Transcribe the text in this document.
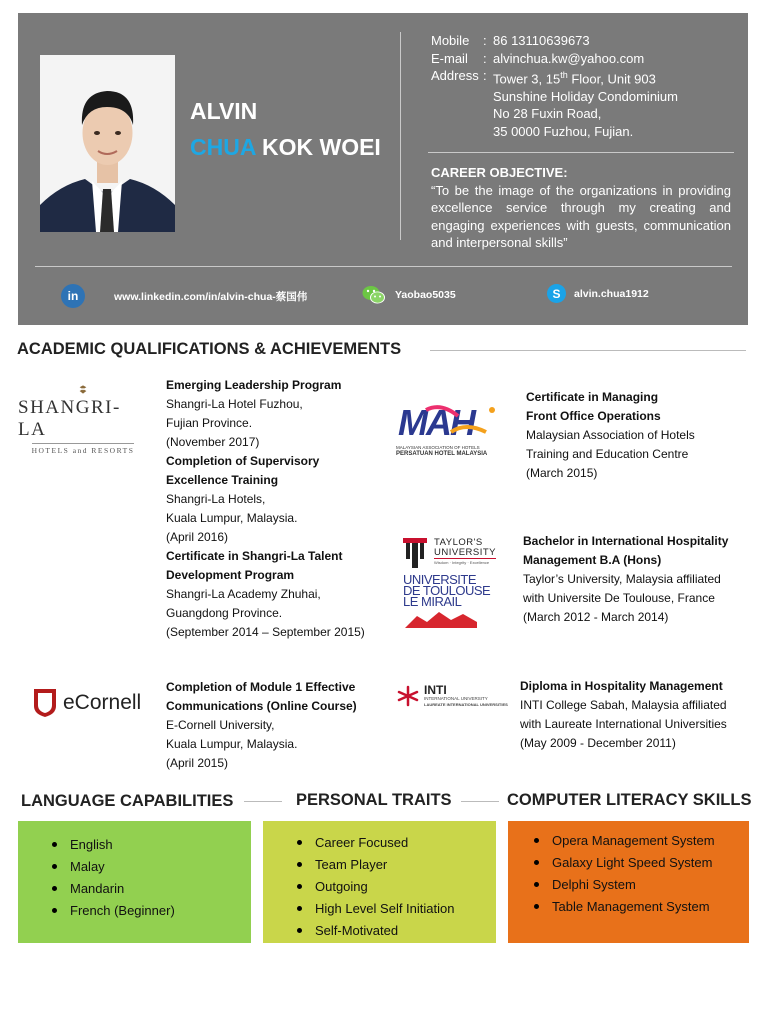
ALVIN
CHUA KOK WOEI
Mobile	: 86 13110639673
E-mail	: alvinchua.kw@yahoo.com
Address : Tower 3, 15th Floor, Unit 903
Sunshine Holiday Condominium
No 28 Fuxin Road,
35 0000 Fuzhou, Fujian.
CAREER OBJECTIVE:
“To be the image of the organizations in providing excellence service through my creating and engaging experiences with guests, communication and interpersonal skills”
in	www.linkedin.com/in/alvin-chua-蔡国伟	Yaobao5035	S	alvin.chua1912
ACADEMIC QUALIFICATIONS & ACHIEVEMENTS
SHANGRI-LA
HOTELS and RESORTS
Emerging Leadership Program
Shangri-La Hotel Fuzhou,
Fujian Province.
(November 2017)
Completion of Supervisory
Excellence Training
Shangri-La Hotels,
Kuala Lumpur, Malaysia.
(April 2016)
Certificate in Shangri-La Talent
Development Program
Shangri-La Academy Zhuhai,
Guangdong Province.
(September 2014 – September 2015)
MAH
MALAYSIAN ASSOCIATION OF HOTELS
PERSATUAN HOTEL MALAYSIA
Certificate in Managing
Front Office Operations
Malaysian Association of Hotels
Training and Education Centre
(March 2015)
TAYLOR'S
UNIVERSITY
Wisdom · Integrity · Excellence
UNIVERSITE
DE TOULOUSE
LE MIRAIL
Bachelor in International Hospitality
Management B.A (Hons)
Taylor’s University, Malaysia affiliated
with Universite De Toulouse, France
(March 2012 - March 2014)
eCornell
Completion of Module 1 Effective
Communications (Online Course)
E-Cornell University,
Kuala Lumpur, Malaysia.
(April 2015)
INTI
INTERNATIONAL UNIVERSITY
LAUREATE INTERNATIONAL UNIVERSITIES
Diploma in Hospitality Management
INTI College Sabah, Malaysia affiliated
with Laureate International Universities
(May 2009 - December 2011)
LANGUAGE CAPABILITIES	PERSONAL TRAITS	COMPUTER LITERACY SKILLS
English
Malay
Mandarin
French (Beginner)
Career Focused
Team Player
Outgoing
High Level Self Initiation
Self-Motivated
Opera Management System
Galaxy Light Speed System
Delphi System
Table Management System
